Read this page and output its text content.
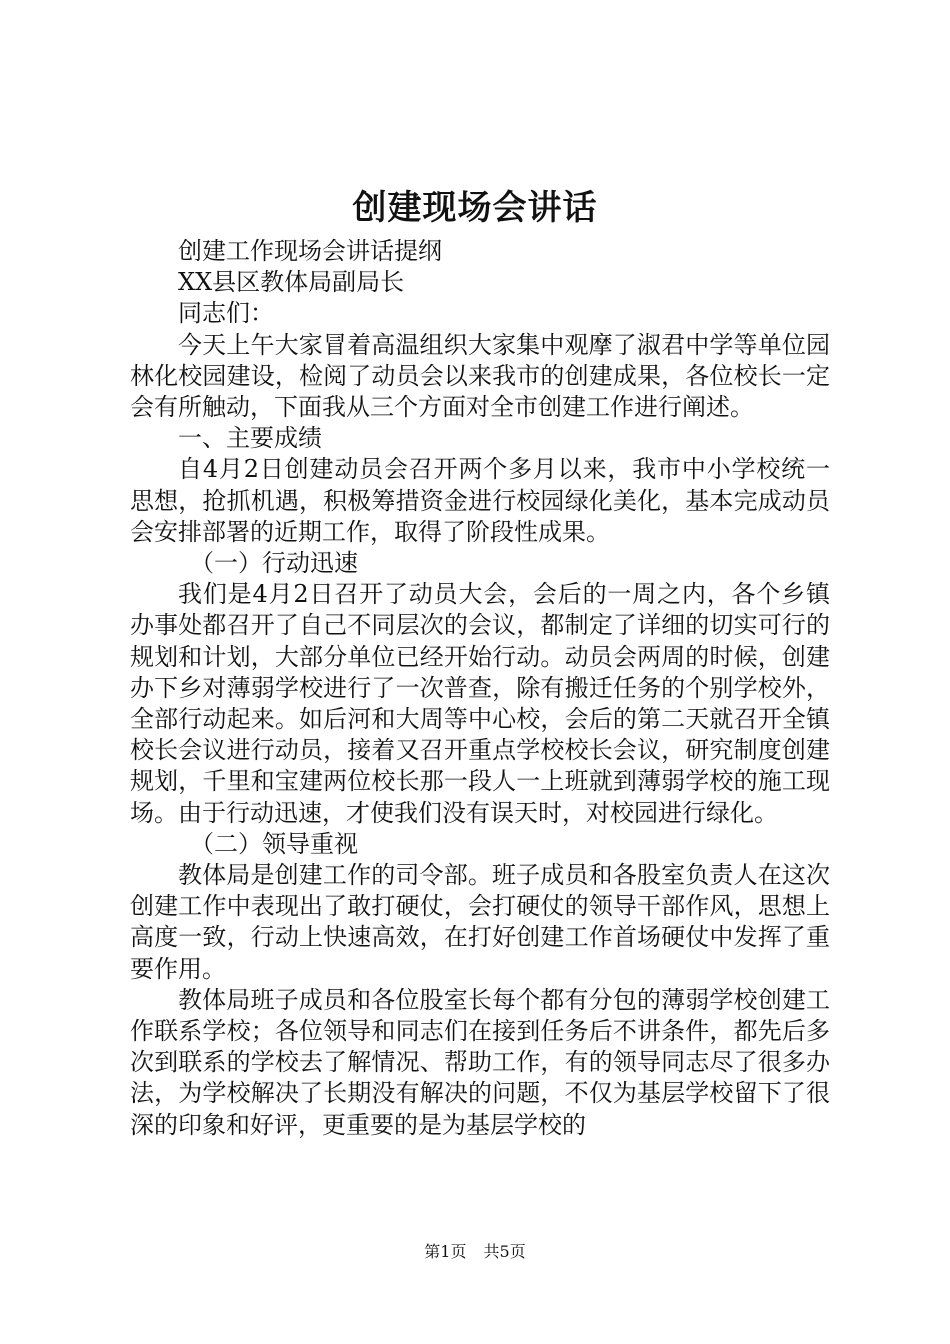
创建现场会讲话

创建工作现场会讲话提纲

XX县区教体局副局长

同志们：

今天上午大家冒着高温组织大家集中观摩了淑君中学等单位园林化校园建设，检阅了动员会以来我市的创建成果，各位校长一定会有所触动，下面我从三个方面对全市创建工作进行阐述。

一、主要成绩

自4月2日创建动员会召开两个多月以来，我市中小学校统一思想，抢抓机遇，积极筹措资金进行校园绿化美化，基本完成动员会安排部署的近期工作，取得了阶段性成果。

（一）行动迅速

我们是4月2日召开了动员大会，会后的一周之内，各个乡镇办事处都召开了自己不同层次的会议，都制定了详细的切实可行的规划和计划，大部分单位已经开始行动。动员会两周的时候，创建办下乡对薄弱学校进行了一次普查，除有搬迁任务的个别学校外，全部行动起来。如后河和大周等中心校，会后的第二天就召开全镇校长会议进行动员，接着又召开重点学校校长会议，研究制度创建规划，千里和宝建两位校长那一段人一上班就到薄弱学校的施工现场。由于行动迅速，才使我们没有误天时，对校园进行绿化。

（二）领导重视

教体局是创建工作的司令部。班子成员和各股室负责人在这次创建工作中表现出了敢打硬仗，会打硬仗的领导干部作风，思想上高度一致，行动上快速高效，在打好创建工作首场硬仗中发挥了重要作用。

教体局班子成员和各位股室长每个都有分包的薄弱学校创建工作联系学校；各位领导和同志们在接到任务后不讲条件，都先后多次到联系的学校去了解情况、帮助工作，有的领导同志尽了很多办法，为学校解决了长期没有解决的问题，不仅为基层学校留下了很深的印象和好评，更重要的是为基层学校的

第1页 共5页
